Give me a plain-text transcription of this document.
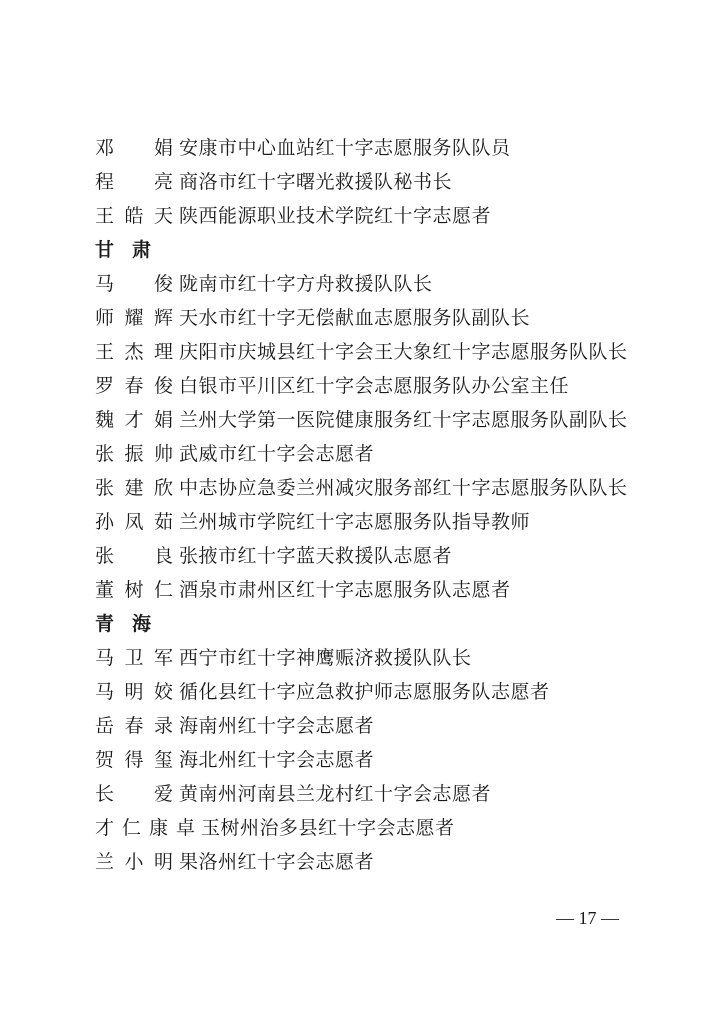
邓　娟 安康市中心血站红十字志愿服务队队员
程　亮 商洛市红十字曙光救援队秘书长
王皓天 陕西能源职业技术学院红十字志愿者
甘肃
马　俊 陇南市红十字方舟救援队队长
师耀辉 天水市红十字无偿献血志愿服务队副队长
王杰理 庆阳市庆城县红十字会王大象红十字志愿服务队队长
罗春俊 白银市平川区红十字会志愿服务队办公室主任
魏才娟 兰州大学第一医院健康服务红十字志愿服务队副队长
张振帅 武威市红十字会志愿者
张建欣 中志协应急委兰州减灾服务部红十字志愿服务队队长
孙凤茹 兰州城市学院红十字志愿服务队指导教师
张　良 张掖市红十字蓝天救援队志愿者
董树仁 酒泉市肃州区红十字志愿服务队志愿者
青海
马卫军 西宁市红十字神鹰赈济救援队队长
马明姣 循化县红十字应急救护师志愿服务队志愿者
岳春录 海南州红十字会志愿者
贺得玺 海北州红十字会志愿者
长　爱 黄南州河南县兰龙村红十字会志愿者
才仁康卓 玉树州治多县红十字会志愿者
兰小明 果洛州红十字会志愿者
— 17 —
